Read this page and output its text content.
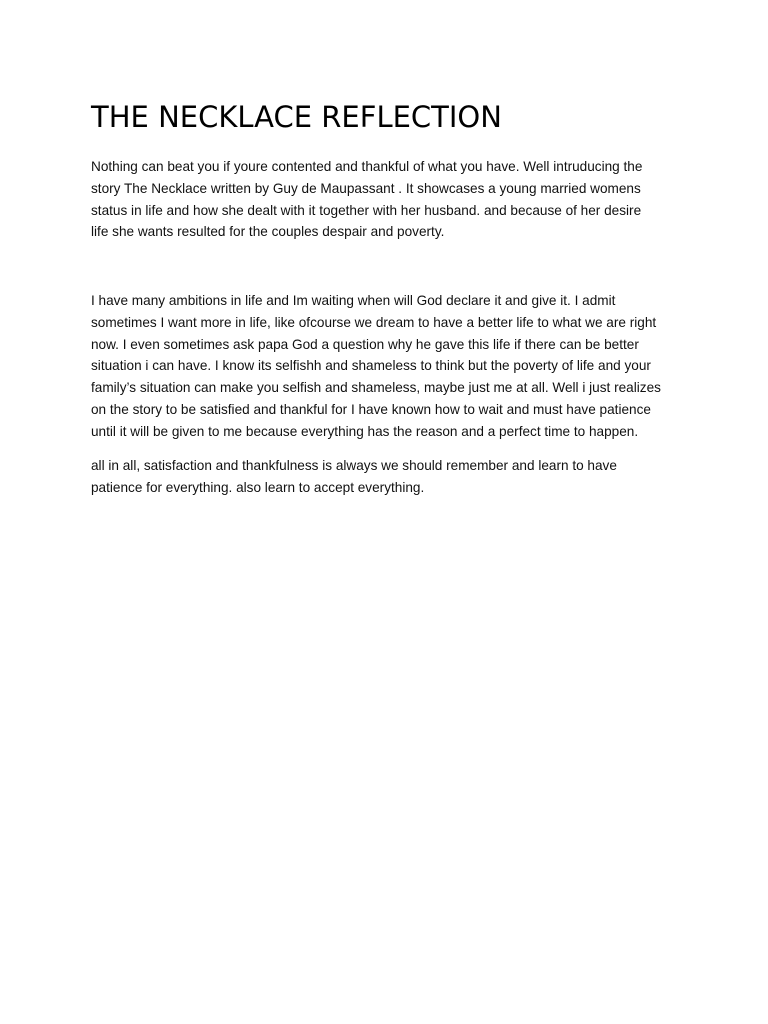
THE NECKLACE REFLECTION

Nothing can beat you if youre contented and thankful of what you have. Well intruducing the
story The Necklace written by Guy de Maupassant . It showcases a young married womens
status in life and how she dealt with it together with her husband. and because of her desire
life she wants resulted for the couples despair and poverty.

I have many ambitions in life and Im waiting when will God declare it and give it. I admit
sometimes I want more in life, like ofcourse we dream to have a better life to what we are right
now. I even sometimes ask papa God a question why he gave this life if there can be better
situation i can have. I know its selfishh and shameless to think but the poverty of life and your
family’s situation can make you selfish and shameless, maybe just me at all. Well i just realizes
on the story to be satisfied and thankful for I have known how to wait and must have patience
until it will be given to me because everything has the reason and a perfect time to happen.

all in all, satisfaction and thankfulness is always we should remember and learn to have
patience for everything. also learn to accept everything.
